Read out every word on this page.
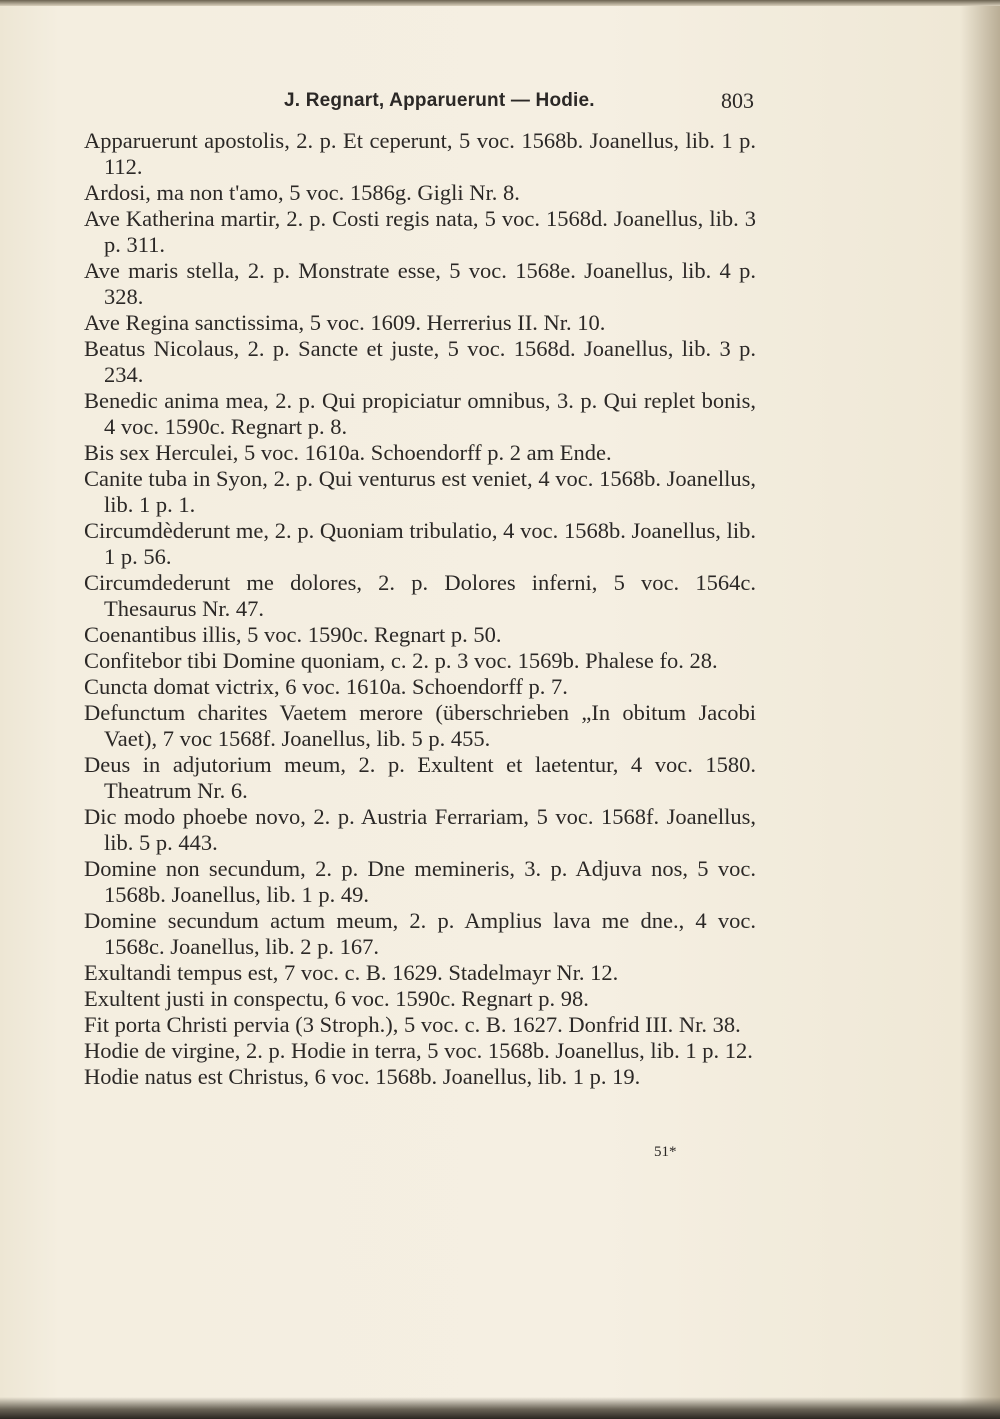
J. Regnart, Apparuerunt — Hodie.	803

Apparuerunt apostolis, 2. p. Et ceperunt, 5 voc. 1568b. Joanellus, lib. 1 p. 112.

Ardosi, ma non t'amo, 5 voc. 1586g. Gigli Nr. 8.

Ave Katherina martir, 2. p. Costi regis nata, 5 voc. 1568d. Joanellus, lib. 3 p. 311.

Ave maris stella, 2. p. Monstrate esse, 5 voc. 1568e. Joanellus, lib. 4 p. 328.

Ave Regina sanctissima, 5 voc. 1609. Herrerius II. Nr. 10.

Beatus Nicolaus, 2. p. Sancte et juste, 5 voc. 1568d. Joanellus, lib. 3 p. 234.

Benedic anima mea, 2. p. Qui propiciatur omnibus, 3. p. Qui replet bonis, 4 voc. 1590c. Regnart p. 8.

Bis sex Herculei, 5 voc. 1610a. Schoendorff p. 2 am Ende.

Canite tuba in Syon, 2. p. Qui venturus est veniet, 4 voc. 1568b. Joanellus, lib. 1 p. 1.

Circumdèderunt me, 2. p. Quoniam tribulatio, 4 voc. 1568b. Joanellus, lib. 1 p. 56.

Circumdederunt me dolores, 2. p. Dolores inferni, 5 voc. 1564c. Thesaurus Nr. 47.

Coenantibus illis, 5 voc. 1590c. Regnart p. 50.

Confitebor tibi Domine quoniam, c. 2. p. 3 voc. 1569b. Phalese fo. 28.

Cuncta domat victrix, 6 voc. 1610a. Schoendorff p. 7.

Defunctum charites Vaetem merore (überschrieben „In obitum Jacobi Vaet), 7 voc 1568f. Joanellus, lib. 5 p. 455.

Deus in adjutorium meum, 2. p. Exultent et laetentur, 4 voc. 1580. Theatrum Nr. 6.

Dic modo phoebe novo, 2. p. Austria Ferrariam, 5 voc. 1568f. Joanellus, lib. 5 p. 443.

Domine non secundum, 2. p. Dne memineris, 3. p. Adjuva nos, 5 voc. 1568b. Joanellus, lib. 1 p. 49.

Domine secundum actum meum, 2. p. Amplius lava me dne., 4 voc. 1568c. Joanellus, lib. 2 p. 167.

Exultandi tempus est, 7 voc. c. B. 1629. Stadelmayr Nr. 12.

Exultent justi in conspectu, 6 voc. 1590c. Regnart p. 98.

Fit porta Christi pervia (3 Stroph.), 5 voc. c. B. 1627. Donfrid III. Nr. 38.

Hodie de virgine, 2. p. Hodie in terra, 5 voc. 1568b. Joanellus, lib. 1 p. 12.

Hodie natus est Christus, 6 voc. 1568b. Joanellus, lib. 1 p. 19.

51*
